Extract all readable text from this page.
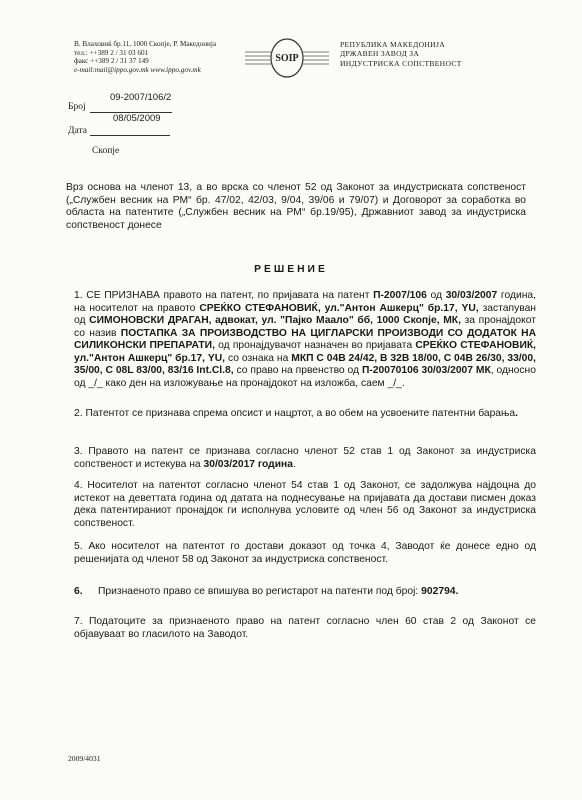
В. Влаховиќ бр.11, 1000 Скопје, Р. Македонија
тел.: ++389 2 / 31 03 601
факс ++389 2 / 31 37 149
e-mail:mail@ippo.gov.mk www.ippo.gov.mk
SOIP
РЕПУБЛИКА МАКЕДОНИЈА
ДРЖАВЕН ЗАВОД ЗА
ИНДУСТРИСКА СОПСТВЕНОСТ
09-2007/106/2
Број
08/05/2009
Дата
Скопје
Врз основа на членот 13, а во врска со членот 52 од Законот за индустриската сопственост („Службен весник на РМ“ бр. 47/02, 42/03, 9/04, 39/06 и 79/07) и Договорот за соработка во областа на патентите („Службен весник на РМ“ бр.19/95), Државниот завод за индустриска сопственост донесе
РЕШЕНИЕ
1. СЕ ПРИЗНАВА правото на патент, по пријавата на патент П-2007/106 од 30/03/2007 година, на носителот на правото СРЕЌКО СТЕФАНОВИЌ, ул."Антон Ашкерц" бр.17, YU, застапуван од СИМОНОВСКИ ДРАГАН, адвокат, ул. "Пајко Маало" бб, 1000 Скопје, МК, за пронајдокот со назив ПОСТАПКА ЗА ПРОИЗВОДСТВО НА ЦИГЛАРСКИ ПРОИЗВОДИ СО ДОДАТОК НА СИЛИКОНСКИ ПРЕПАРАТИ, од пронајдувачот назначен во пријавата СРЕЌКО СТЕФАНОВИЌ, ул."Антон Ашкерц" бр.17, YU, со ознака на МКП C 04B 24/42, B 32B 18/00, C 04B 26/30, 33/00, 35/00, C 08L 83/00, 83/16 Int.Cl.8, со право на првенство од П-20070106 30/03/2007 МК, односно од _/_ како ден на изложување на пронајдокот на изложба, саем _/_.
2. Патентот се признава спрема опсист и нацртот, а во обем на усвоените патентни барања.
3. Правото на патент се признава согласно членот 52 став 1 од Законот за индустриска сопственост и истекува на 30/03/2017 година.
4. Носителот на патентот согласно членот 54 став 1 од Законот, се задолжува најдоцна до истекот на деветтата година од датата на поднесување на пријавата да достави писмен доказ дека патентираниот пронајдок ги исполнува условите од член 56 од Законот за индустриска сопственост.
5. Ако носителот на патентот го достави доказот од точка 4, Заводот ќе донесе едно од решенијата од членот 58 од Законот за индустриска сопственост.
6. Признаеното право се впишува во регистарот на патенти под број: 902794.
7. Податоците за признаеното право на патент согласно член 60 став 2 од Законот се објавуваат во гласилото на Заводот.
2009/4031
